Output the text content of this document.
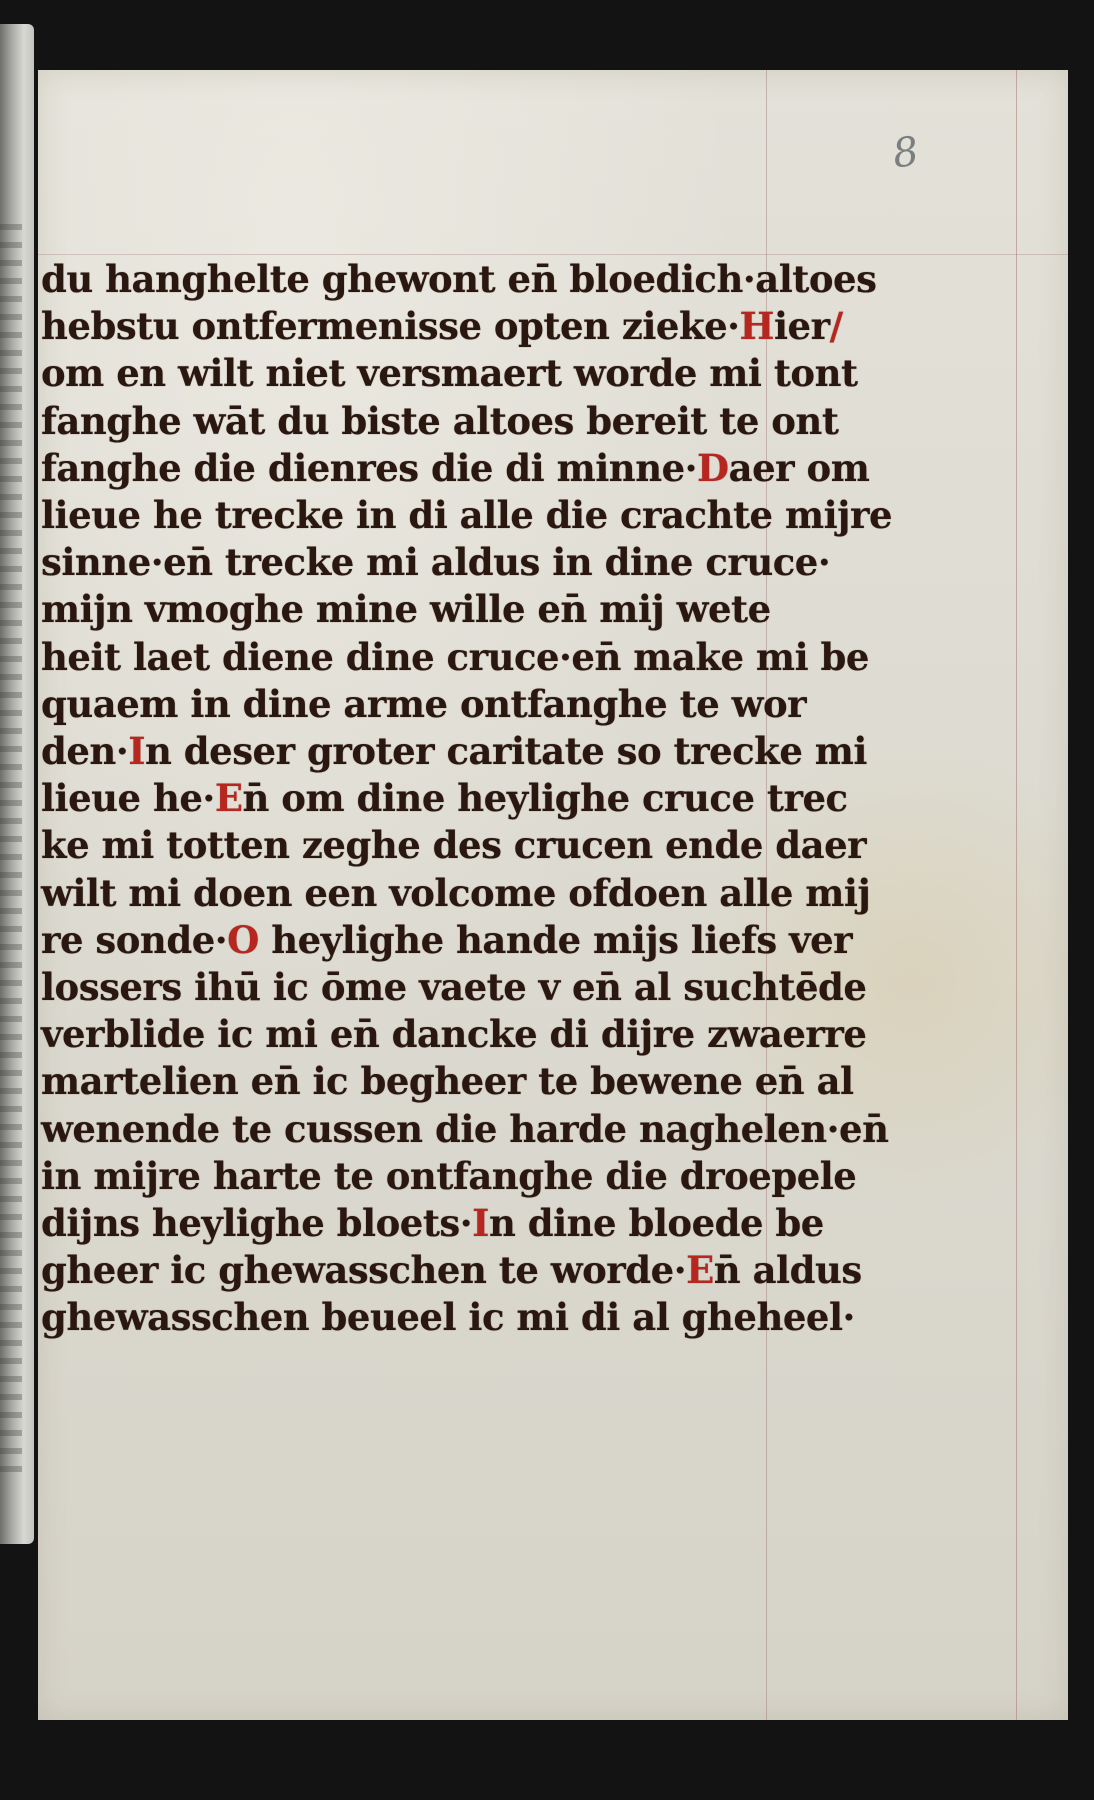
8
du hanghelte ghewont en̄ bloedich·altoes
hebstu ontfermenisse opten zieke·Hier/
om en wilt niet versmaert worde mi tont
fanghe wāt du biste altoes bereit te ont
fanghe die dienres die di minne·Daer om
lieue he trecke in di alle die crachte mijre
sinne·en̄ trecke mi aldus in dine cruce·
mijn vmoghe mine wille en̄ mij wete
heit laet diene dine cruce·en̄ make mi be
quaem in dine arme ontfanghe te wor
den·In deser groter caritate so trecke mi
lieue he·En̄ om dine heylighe cruce trec
ke mi totten zeghe des crucen ende daer
wilt mi doen een volcome ofdoen alle mij
re sonde·O heylighe hande mijs liefs ver
lossers ihū ic ōme vaete v en̄ al suchtēde
verblide ic mi en̄ dancke di dijre zwaerre
martelien en̄ ic begheer te bewene en̄ al
wenende te cussen die harde naghelen·en̄
in mijre harte te ontfanghe die droepele
dijns heylighe bloets·In dine bloede be
gheer ic ghewasschen te worde·En̄ aldus
ghewasschen beueel ic mi di al gheheel·
